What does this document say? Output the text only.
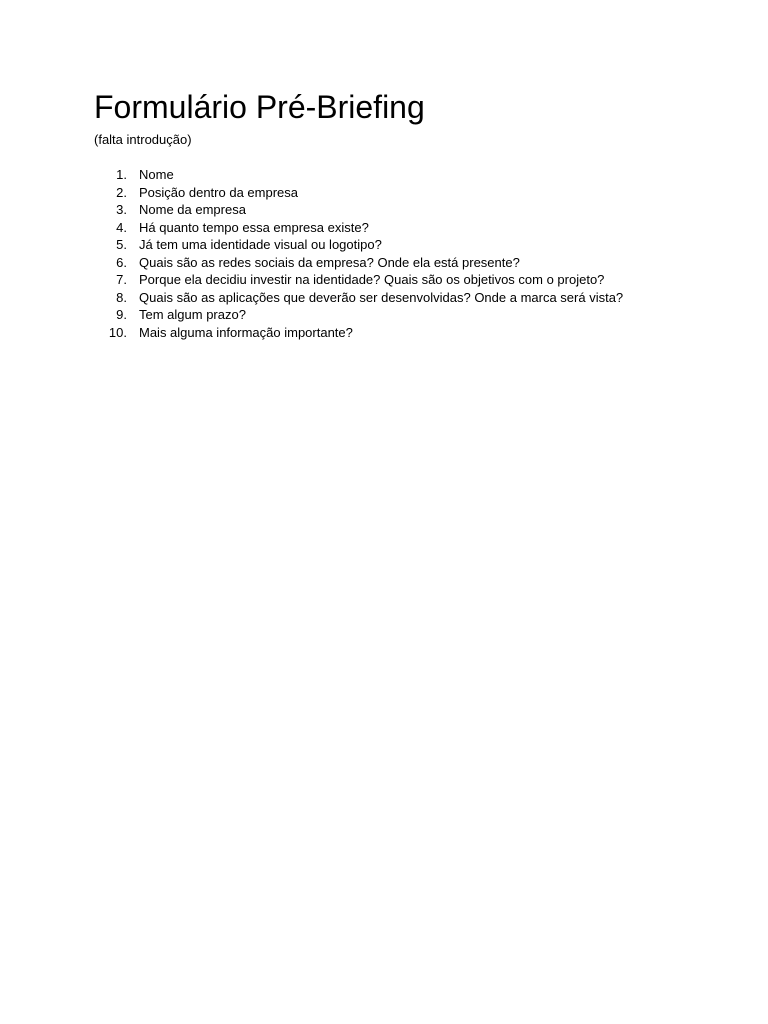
Formulário Pré-Briefing
(falta introdução)
1. Nome
2. Posição dentro da empresa
3. Nome da empresa
4. Há quanto tempo essa empresa existe?
5. Já tem uma identidade visual ou logotipo?
6. Quais são as redes sociais da empresa? Onde ela está presente?
7. Porque ela decidiu investir na identidade? Quais são os objetivos com o projeto?
8. Quais são as aplicações que deverão ser desenvolvidas? Onde a marca será vista?
9. Tem algum prazo?
10. Mais alguma informação importante?
